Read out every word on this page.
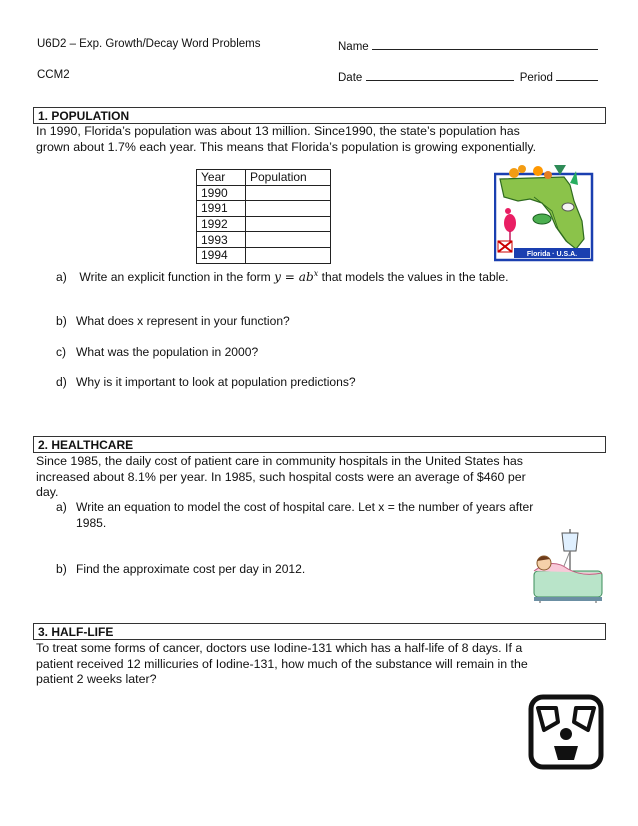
U6D2 – Exp. Growth/Decay Word Problems	Name
CCM2	Date	Period
1. POPULATION
In 1990, Florida’s population was about 13 million. Since1990, the state’s population has
grown about 1.7% each year. This means that Florida’s population is growing exponentially.
Year	Population
1990	
1991	
1992	
1993	
1994		Florida · U.S.A.
a) Write an explicit function in the form $y = ab^x$ that models the values in the table.
b) What does x represent in your function?
c) What was the population in 2000?
d) Why is it important to look at population predictions?
2. HEALTHCARE
Since 1985, the daily cost of patient care in community hospitals in the United States has
increased about 8.1% per year. In 1985, such hospital costs were an average of $460 per
day.
a) Write an equation to model the cost of hospital care. Let x = the number of years after
1985.
b) Find the approximate cost per day in 2012.
3. HALF-LIFE
To treat some forms of cancer, doctors use Iodine-131 which has a half-life of 8 days. If a
patient received 12 millicuries of Iodine-131, how much of the substance will remain in the
patient 2 weeks later?
